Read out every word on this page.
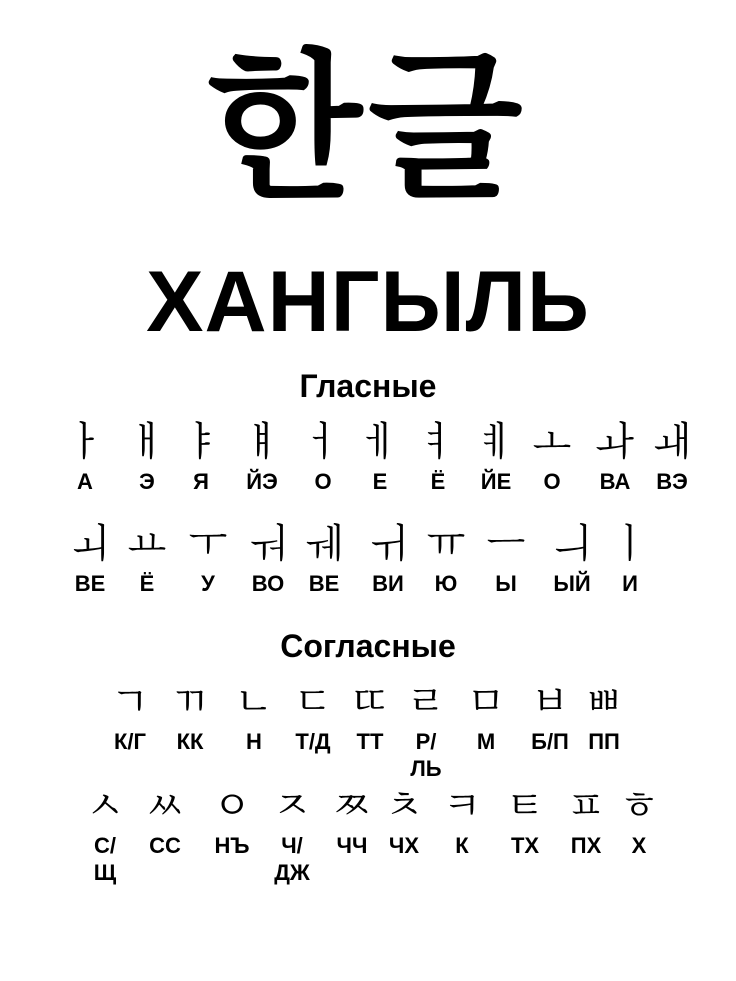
한글
ХАНГЫЛЬ
Гласные
ㅏ
А
ㅐ
Э
ㅑ
Я
ㅒ
ЙЭ
ㅓ
О
ㅔ
Е
ㅕ
Ё
ㅖ
ЙЕ
ㅗ
О
ㅘ
ВА
ㅙ
ВЭ
ㅚ
ВЕ
ㅛ
Ё
ㅜ
У
ㅝ
ВО
ㅞ
ВЕ
ㅟ
ВИ
ㅠ
Ю
ㅡ
Ы
ㅢ
ЫЙ
ㅣ
И
Согласные
ㄱ
К/Г
ㄲ
КК
ㄴ
Н
ㄷ
Т/Д
ㄸ
ТТ
ㄹ
Р/
ЛЬ
ㅁ
М
ㅂ
Б/П
ㅃ
ПП
ㅅ
С/
Щ
ㅆ
СС
ㅇ
НЪ
ㅈ
Ч/
ДЖ
ㅉ
ЧЧ
ㅊ
ЧХ
ㅋ
К
ㅌ
ТХ
ㅍ
ПХ
ㅎ
Х
